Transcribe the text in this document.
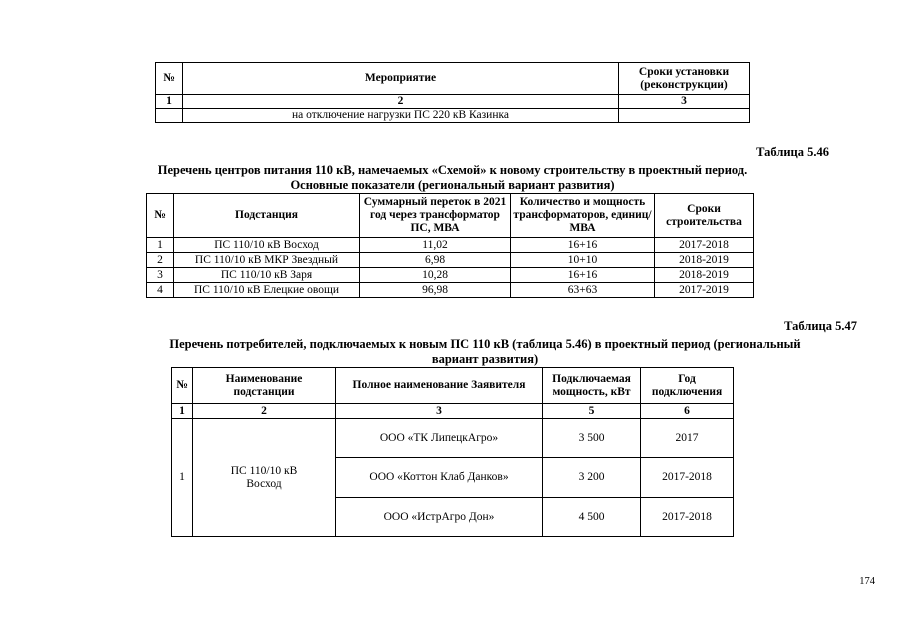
№	Мероприятие	Сроки установки (реконструкции)
1	2	3
	на отключение нагрузки ПС 220 кВ Казинка	
Таблица 5.46
Перечень центров питания 110 кВ, намечаемых «Схемой» к новому строительству в проектный период.
Основные показатели (региональный вариант развития)
№	Подстанция	Суммарный переток в 2021 год через трансформатор ПС, МВА	Количество и мощность трансформаторов, единиц/МВА	Сроки строительства
1	ПС 110/10 кВ Восход	11,02	16+16	2017-2018
2	ПС 110/10 кВ МКР Звездный	6,98	10+10	2018-2019
3	ПС 110/10 кВ Заря	10,28	16+16	2018-2019
4	ПС 110/10 кВ Елецкие овощи	96,98	63+63	2017-2019
Таблица 5.47
Перечень потребителей, подключаемых к новым ПС 110 кВ (таблица 5.46) в проектный период (региональный
вариант развития)
№	Наименование подстанции	Полное наименование Заявителя	Подключаемая мощность, кВт	Год подключения
1	2	3	5	6
1	ПС 110/10 кВ Восход	ООО «ТК ЛипецкАгро»	3 500	2017
		ООО «Коттон Клаб Данков»	3 200	2017-2018
		ООО «ИстрАгро Дон»	4 500	2017-2018
174
